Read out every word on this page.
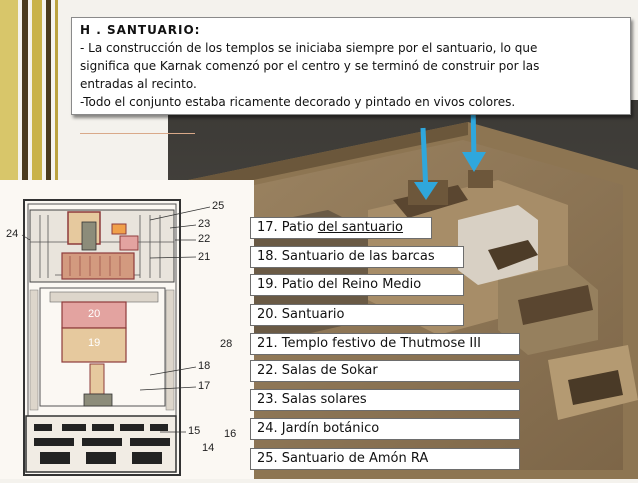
25
23
24	22
21
20
19	28
18
17
15 16
14
H . SANTUARIO:
- La construcción de los templos se iniciaba siempre por el santuario, lo que
significa que Karnak comenzó por el centro y se terminó de construir por las
entradas al recinto.
-Todo el conjunto estaba ricamente decorado y pintado en vivos colores.
17. Patio del santuario
18. Santuario de las barcas
19. Patio del Reino Medio
20. Santuario
21. Templo festivo de Thutmose III
22. Salas de Sokar
23. Salas solares
24. Jardín botánico
25. Santuario de Amón RA
